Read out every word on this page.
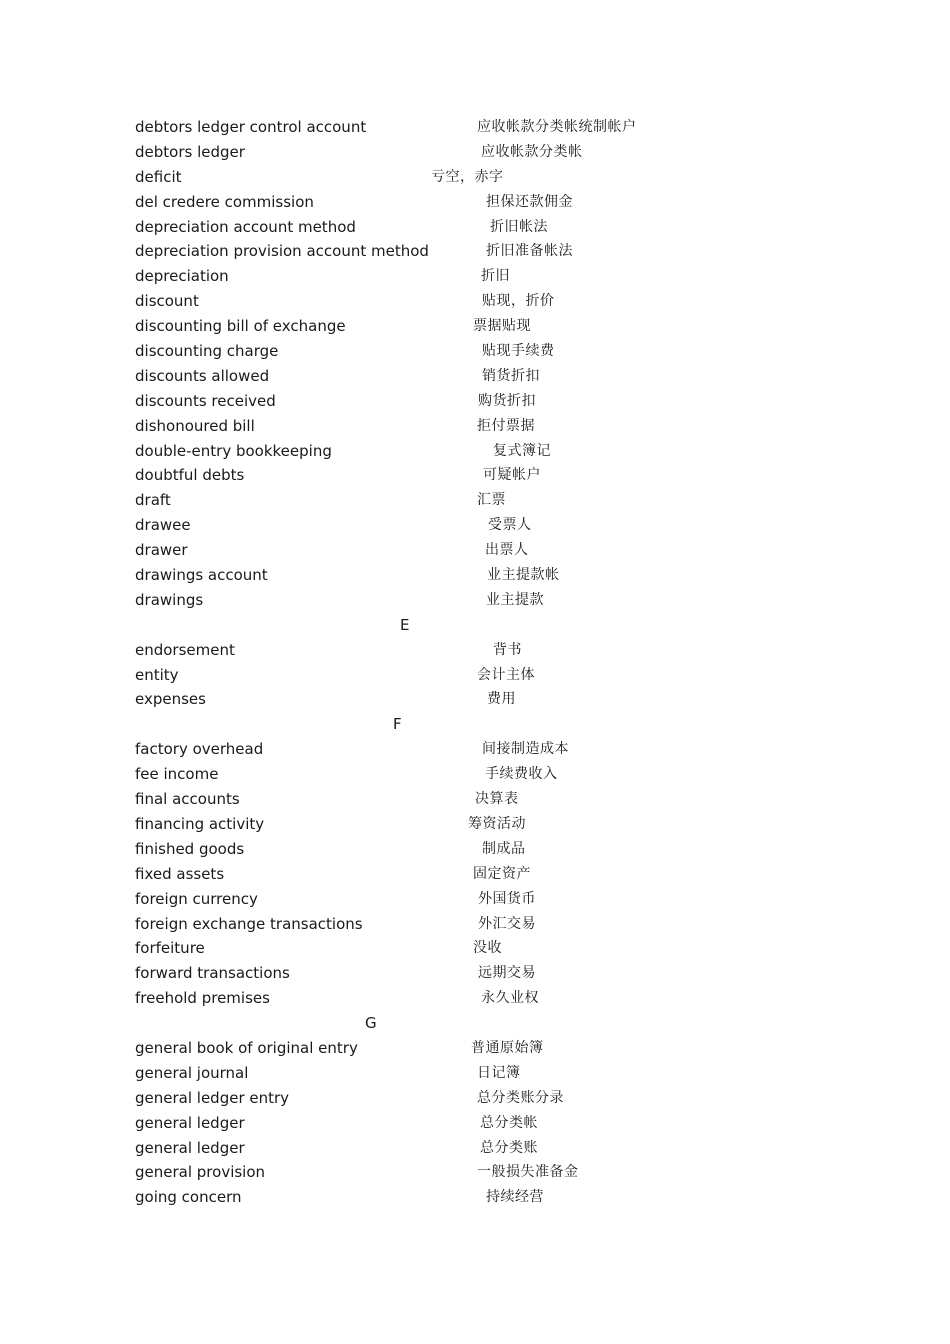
debtors ledger control account	应收帐款分类帐统制帐户
debtors ledger	应收帐款分类帐
deficit	亏空，赤字
del credere commission	担保还款佣金
depreciation account method	折旧帐法
depreciation provision account method	折旧准备帐法
depreciation	折旧
discount	贴现，折价
discounting bill of exchange	票据贴现
discounting charge	贴现手续费
discounts allowed	销货折扣
discounts received	购货折扣
dishonoured bill	拒付票据
double-entry bookkeeping	复式簿记
doubtful debts	可疑帐户
draft	汇票
drawee	受票人
drawer	出票人
drawings account	业主提款帐
drawings	业主提款
E
endorsement	背书
entity	会计主体
expenses	费用
F
factory overhead	间接制造成本
fee income	手续费收入
final accounts	决算表
financing activity	筹资活动
finished goods	制成品
fixed assets	固定资产
foreign currency	外国货币
foreign exchange transactions	外汇交易
forfeiture	没收
forward transactions	远期交易
freehold premises	永久业权
G
general book of original entry	普通原始簿
general journal	日记簿
general ledger entry	总分类账分录
general ledger	总分类帐
general ledger	总分类账
general provision	一般损失准备金
going concern	持续经营
